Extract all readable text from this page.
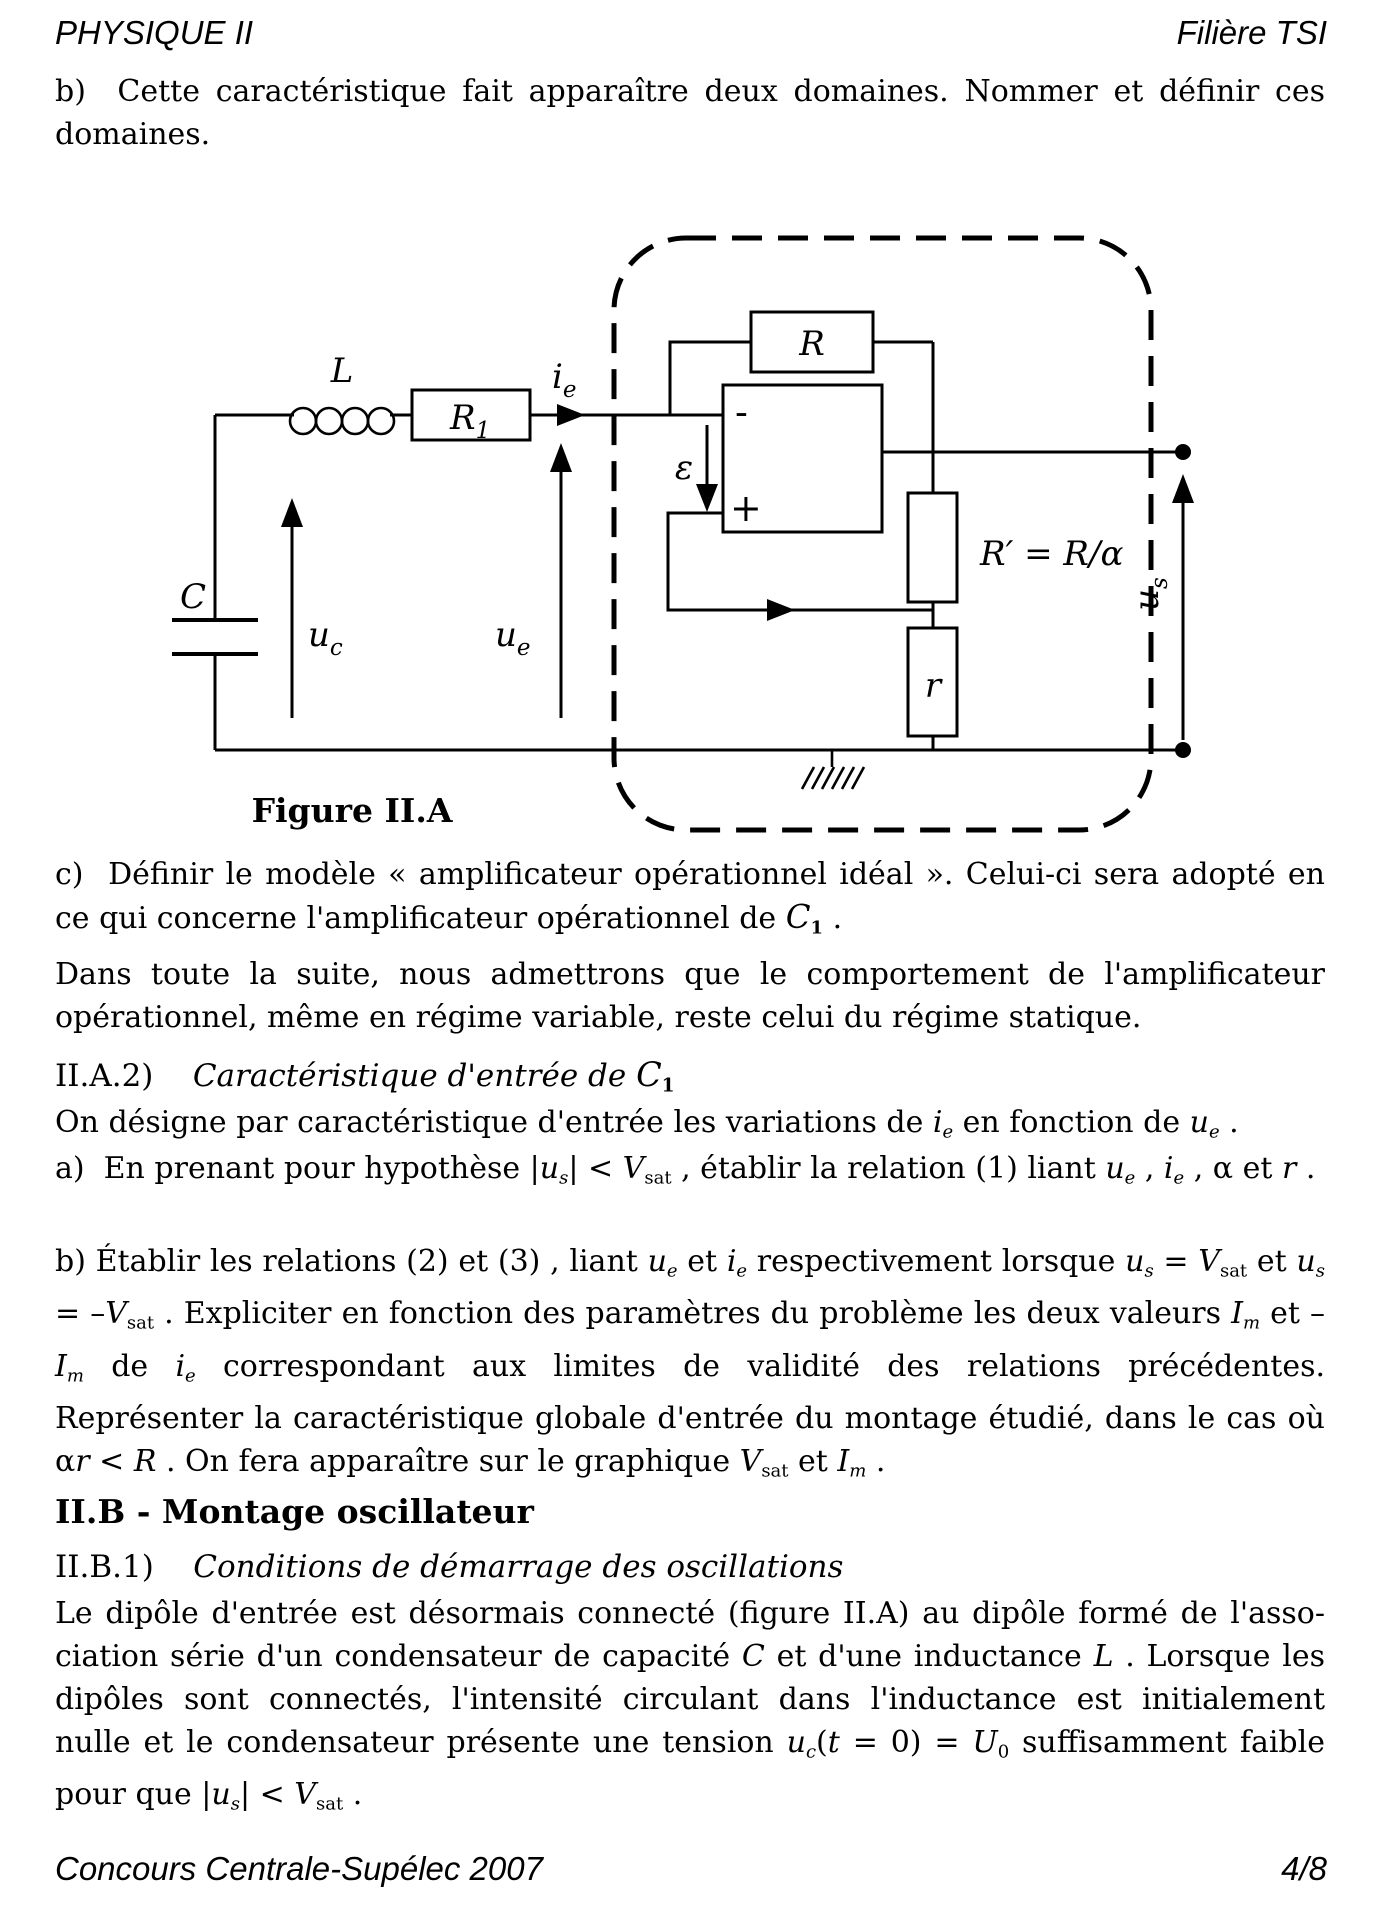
PHYSIQUE II	Filière TSI
b)  Cette caractéristique fait apparaître deux domaines. Nommer et définir ces domaines.
C
L
$R_1$
$i_e$
$u_c$	$u_e$
-
+
ε
R
R′ = R/α
r
$u_s$
Figure II.A
c)  Définir le modèle « amplificateur opérationnel idéal ». Celui-ci sera adopté en ce qui concerne l'amplificateur opérationnel de $C_1$ .
Dans toute la suite, nous admettrons que le comportement de l'amplificateur opérationnel, même en régime variable, reste celui du régime statique.
II.A.2) Caractéristique d'entrée de $C_1$
On désigne par caractéristique d'entrée les variations de ie en fonction de ue .
a)  En prenant pour hypothèse $|us| < V_{sat}$ , établir la relation (1) liant ue , ie , α et r .
b) Établir les relations (2) et (3) , liant ue et ie respectivement lorsque us = $V_{sat}$ et us = $-V_{sat}$ . Expliciter en fonction des paramètres du problème les deux valeurs Im et –Im de ie correspondant aux limites de validité des relations précédentes. Représenter la caractéristique globale d'entrée du montage étudié, dans le cas où αr < R . On fera apparaître sur le graphique $V_{sat}$ et Im .
II.B - Montage oscillateur
II.B.1) Conditions de démarrage des oscillations
Le dipôle d'entrée est désormais connecté (figure II.A) au dipôle formé de l'association série d'un condensateur de capacité C et d'une inductance L . Lorsque les dipôles sont connectés, l'intensité circulant dans l'inductance est initialement nulle et le condensateur présente une tension $uc(t = 0) = U_0$ suffisamment faible pour que $|us| < V_{sat}$ .
Concours Centrale-Supélec 2007	4/8
